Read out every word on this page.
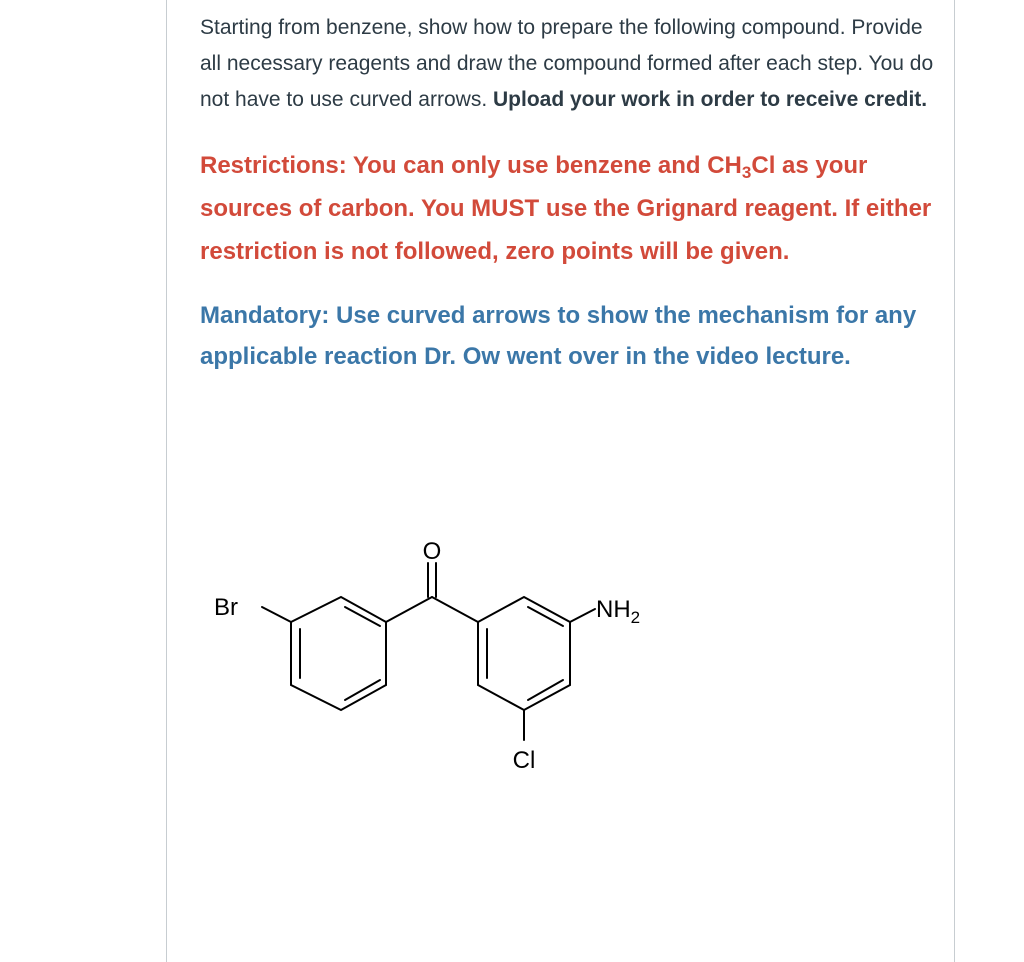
Starting from benzene, show how to prepare the following compound. Provide all necessary reagents and draw the compound formed after each step. You do not have to use curved arrows. Upload your work in order to receive credit.

Restrictions: You can only use benzene and $CH_3Cl$ as your sources of carbon. You MUST use the Grignard reagent. If either restriction is not followed, zero points will be given.

Mandatory: Use curved arrows to show the mechanism for any applicable reaction Dr. Ow went over in the video lecture.

O
Br	$NH_2$
Cl
